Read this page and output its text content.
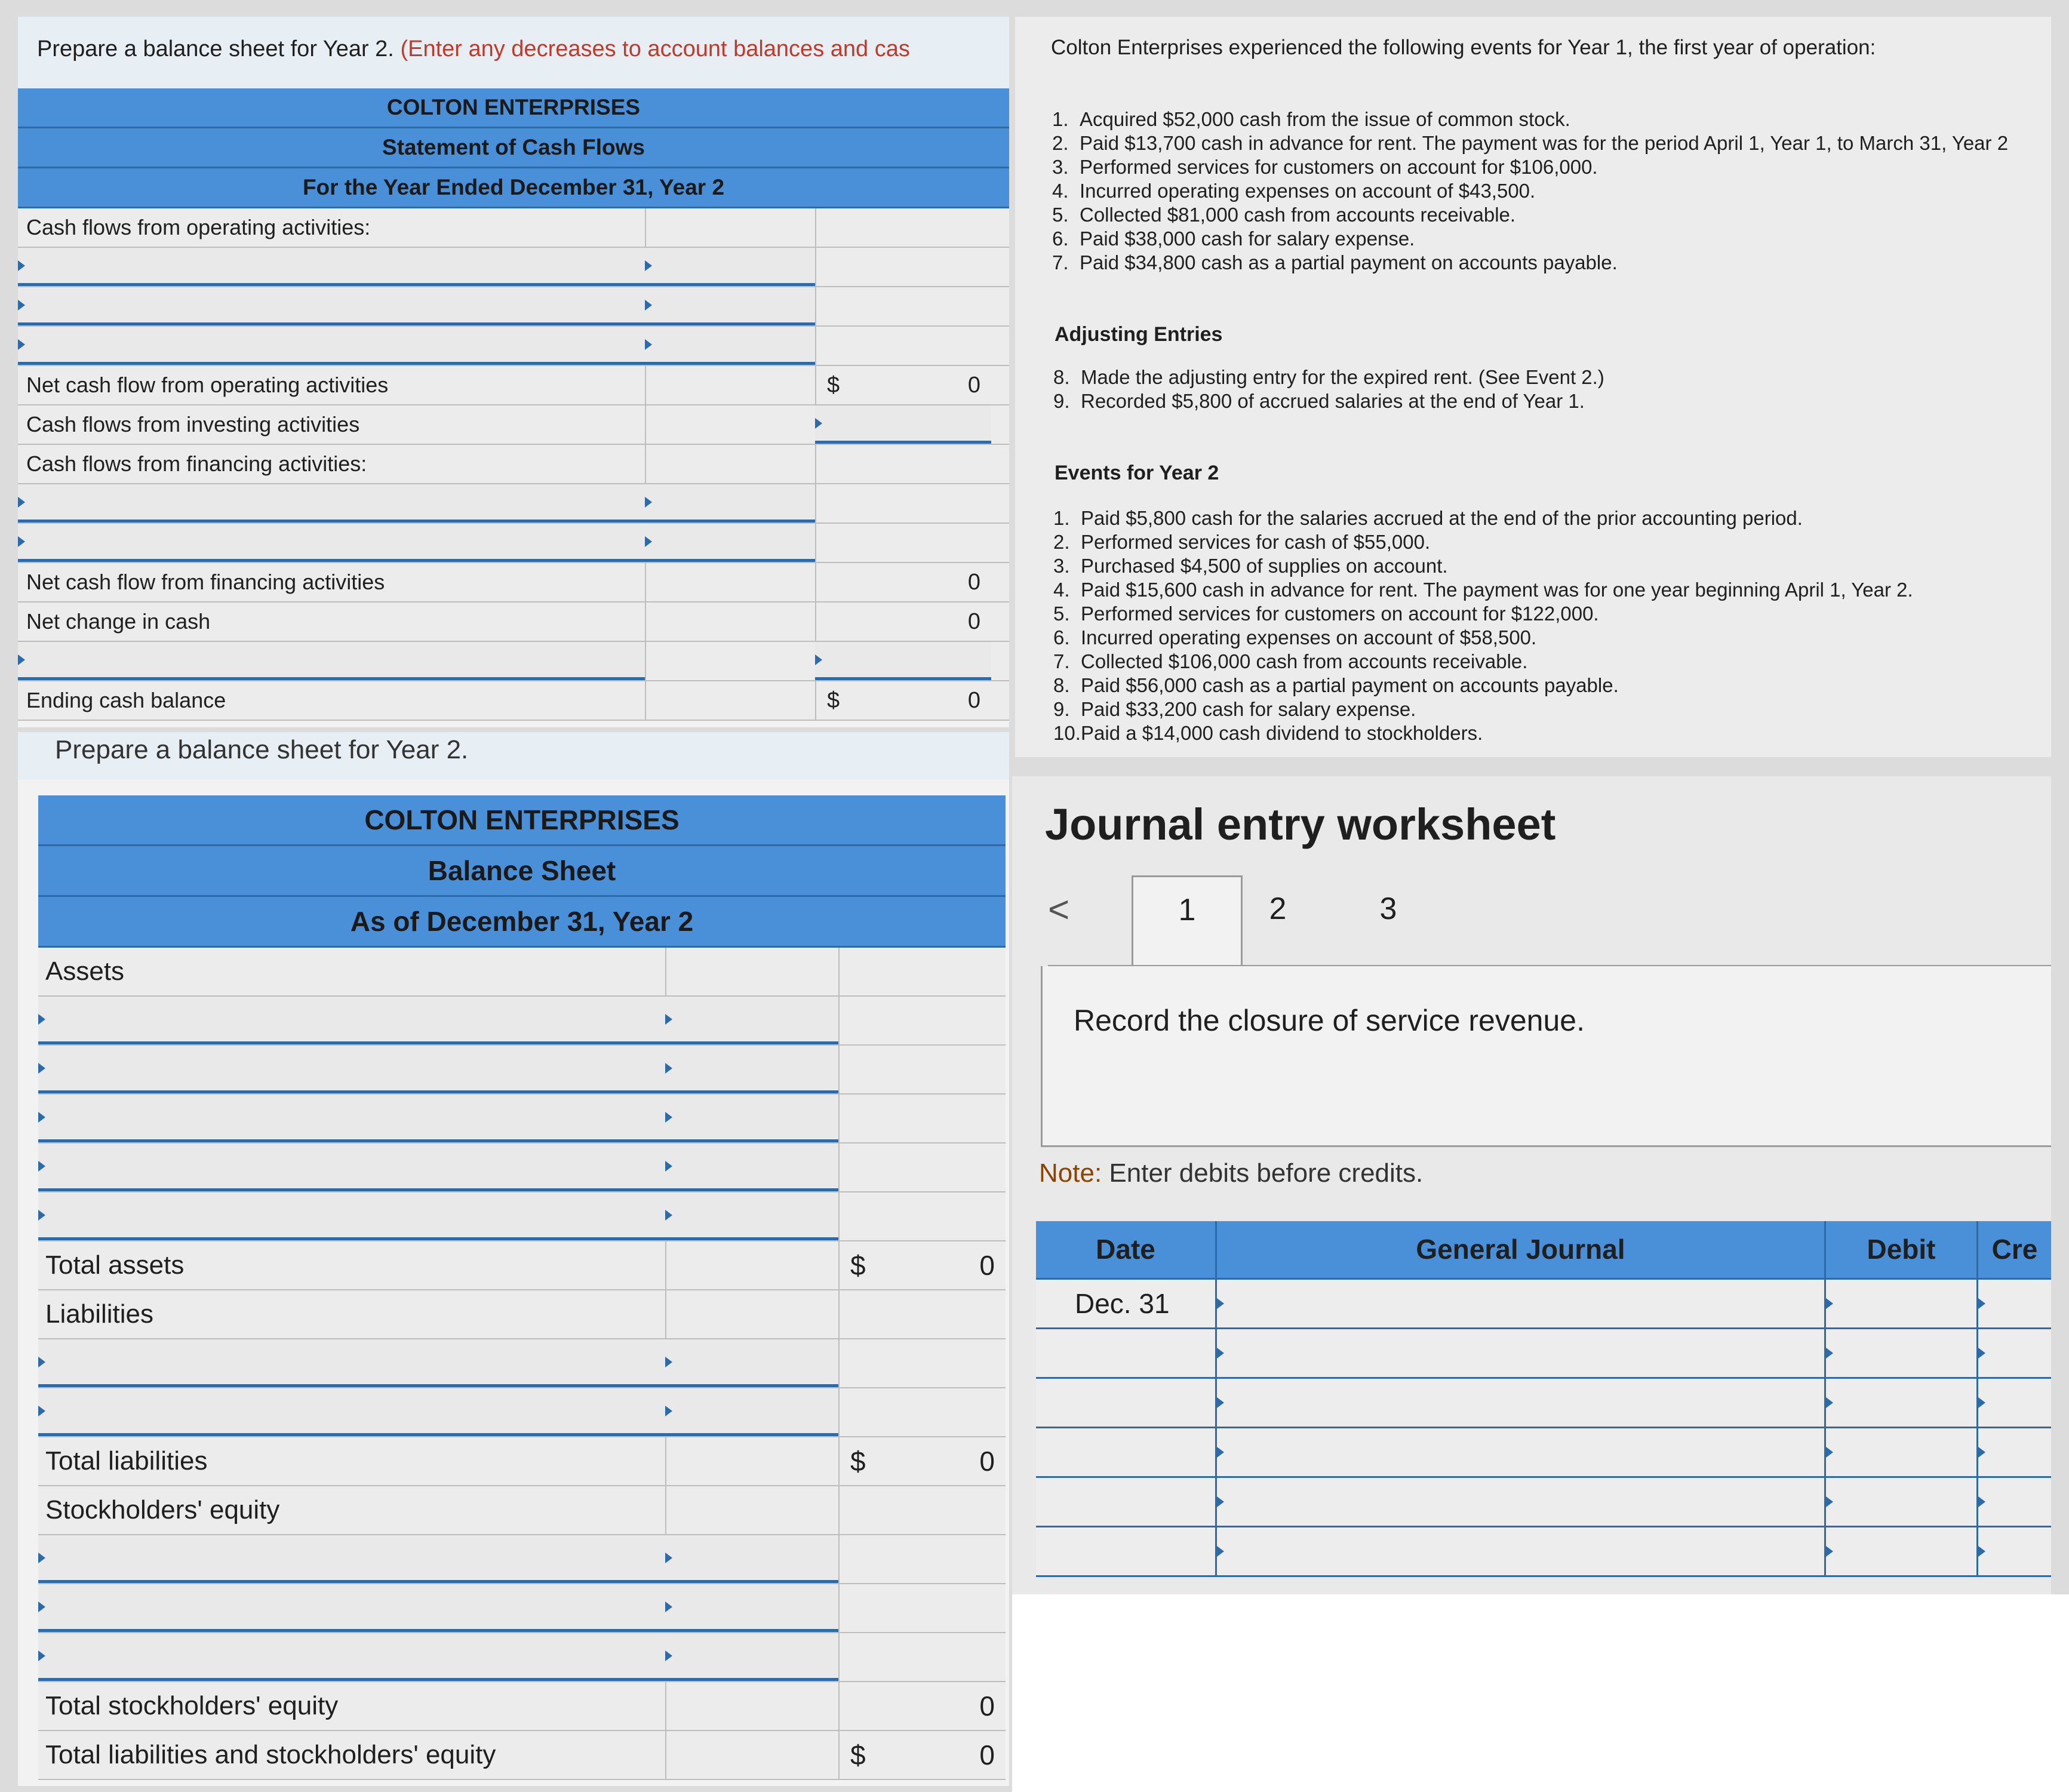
Prepare a balance sheet for Year 2. (Enter any decreases to account balances and cas
COLTON ENTERPRISES
Statement of Cash Flows
For the Year Ended December 31, Year 2
Cash flows from operating activities:
Net cash flow from operating activities	$	0
Cash flows from investing activities
Cash flows from financing activities:
Net cash flow from financing activities	0
Net change in cash	0
Ending cash balance	$	0
Prepare a balance sheet for Year 2.
COLTON ENTERPRISES
Balance Sheet
As of December 31, Year 2
Assets
Total assets	$	0
Liabilities
Total liabilities	$	0
Stockholders' equity
Total stockholders' equity	0
Total liabilities and stockholders' equity	$	0
Colton Enterprises experienced the following events for Year 1, the first year of operation:
1. Acquired $52,000 cash from the issue of common stock.
2. Paid $13,700 cash in advance for rent. The payment was for the period April 1, Year 1, to March 31, Year 2
3. Performed services for customers on account for $106,000.
4. Incurred operating expenses on account of $43,500.
5. Collected $81,000 cash from accounts receivable.
6. Paid $38,000 cash for salary expense.
7. Paid $34,800 cash as a partial payment on accounts payable.
Adjusting Entries
8. Made the adjusting entry for the expired rent. (See Event 2.)
9. Recorded $5,800 of accrued salaries at the end of Year 1.
Events for Year 2
1. Paid $5,800 cash for the salaries accrued at the end of the prior accounting period.
2. Performed services for cash of $55,000.
3. Purchased $4,500 of supplies on account.
4. Paid $15,600 cash in advance for rent. The payment was for one year beginning April 1, Year 2.
5. Performed services for customers on account for $122,000.
6. Incurred operating expenses on account of $58,500.
7. Collected $106,000 cash from accounts receivable.
8. Paid $56,000 cash as a partial payment on accounts payable.
9. Paid $33,200 cash for salary expense.
10.Paid a $14,000 cash dividend to stockholders.
Journal entry worksheet
<	1	2	3
Record the closure of service revenue.
Note: Enter debits before credits.
Date	General Journal	Debit	Cre
Dec. 31
